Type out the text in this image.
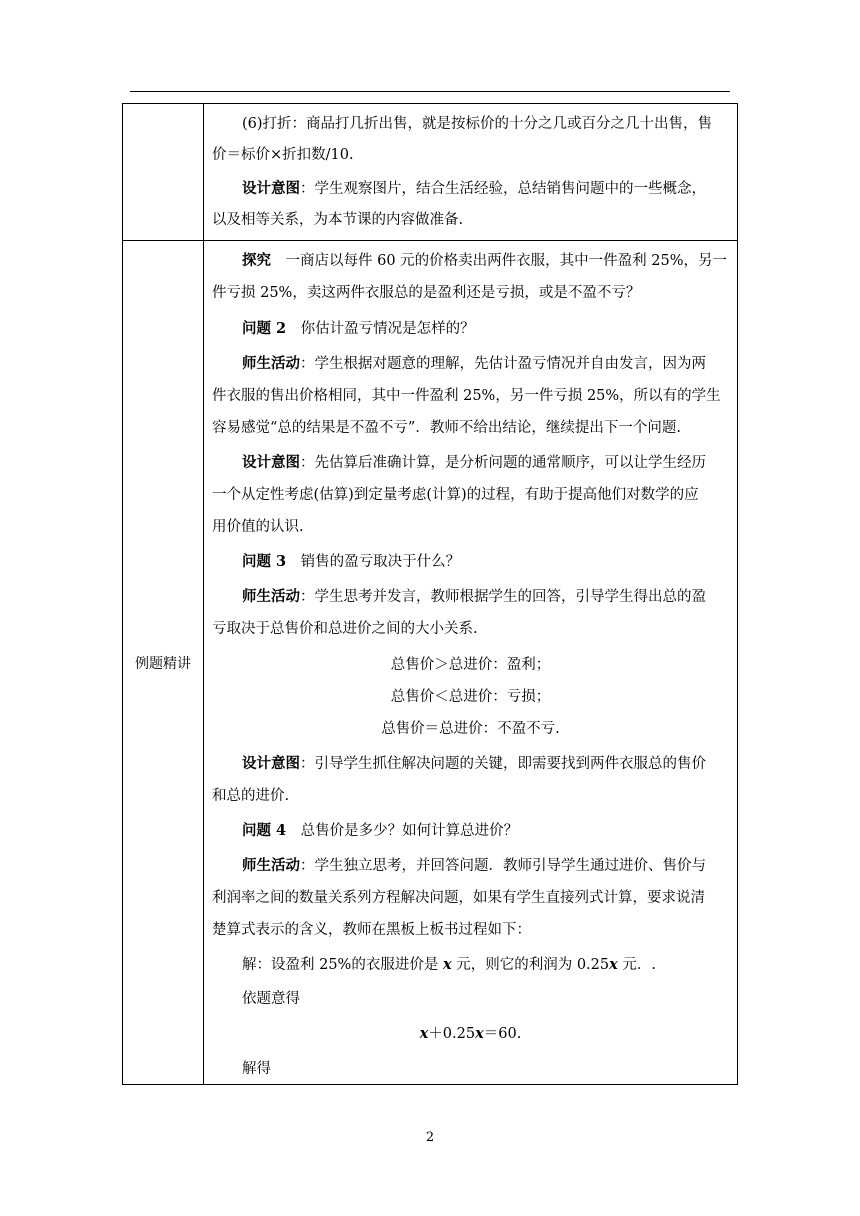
(6)打折：商品打几折出售，就是按标价的十分之几或百分之几十出售，售
价＝标价×折扣数/10.
设计意图：学生观察图片，结合生活经验，总结销售问题中的一些概念，
以及相等关系，为本节课的内容做准备.
例题精讲
探究　 一商店以每件 60 元的价格卖出两件衣服，其中一件盈利 25%，另一
件亏损 25%，卖这两件衣服总的是盈利还是亏损，或是不盈不亏？
问题 2　 你估计盈亏情况是怎样的？
师生活动：学生根据对题意的理解，先估计盈亏情况并自由发言，因为两
件衣服的售出价格相同，其中一件盈利 25%，另一件亏损 25%，所以有的学生
容易感觉“总的结果是不盈不亏”．教师不给出结论，继续提出下一个问题.
设计意图：先估算后准确计算，是分析问题的通常顺序，可以让学生经历
一个从定性考虑(估算)到定量考虑(计算)的过程，有助于提高他们对数学的应
用价值的认识.
问题 3　 销售的盈亏取决于什么？
师生活动：学生思考并发言，教师根据学生的回答，引导学生得出总的盈
亏取决于总售价和总进价之间的大小关系.
总售价＞总进价：盈利；
总售价＜总进价：亏损；
总售价＝总进价：不盈不亏.
设计意图：引导学生抓住解决问题的关键，即需要找到两件衣服总的售价
和总的进价.
问题 4　 总售价是多少？如何计算总进价？
师生活动：学生独立思考，并回答问题．教师引导学生通过进价、售价与
利润率之间的数量关系列方程解决问题，如果有学生直接列式计算，要求说清
楚算式表示的含义，教师在黑板上板书过程如下：
解：设盈利 25%的衣服进价是 x 元，则它的利润为 0.25x 元．.
依题意得
x＋0.25x＝60.
解得
2
